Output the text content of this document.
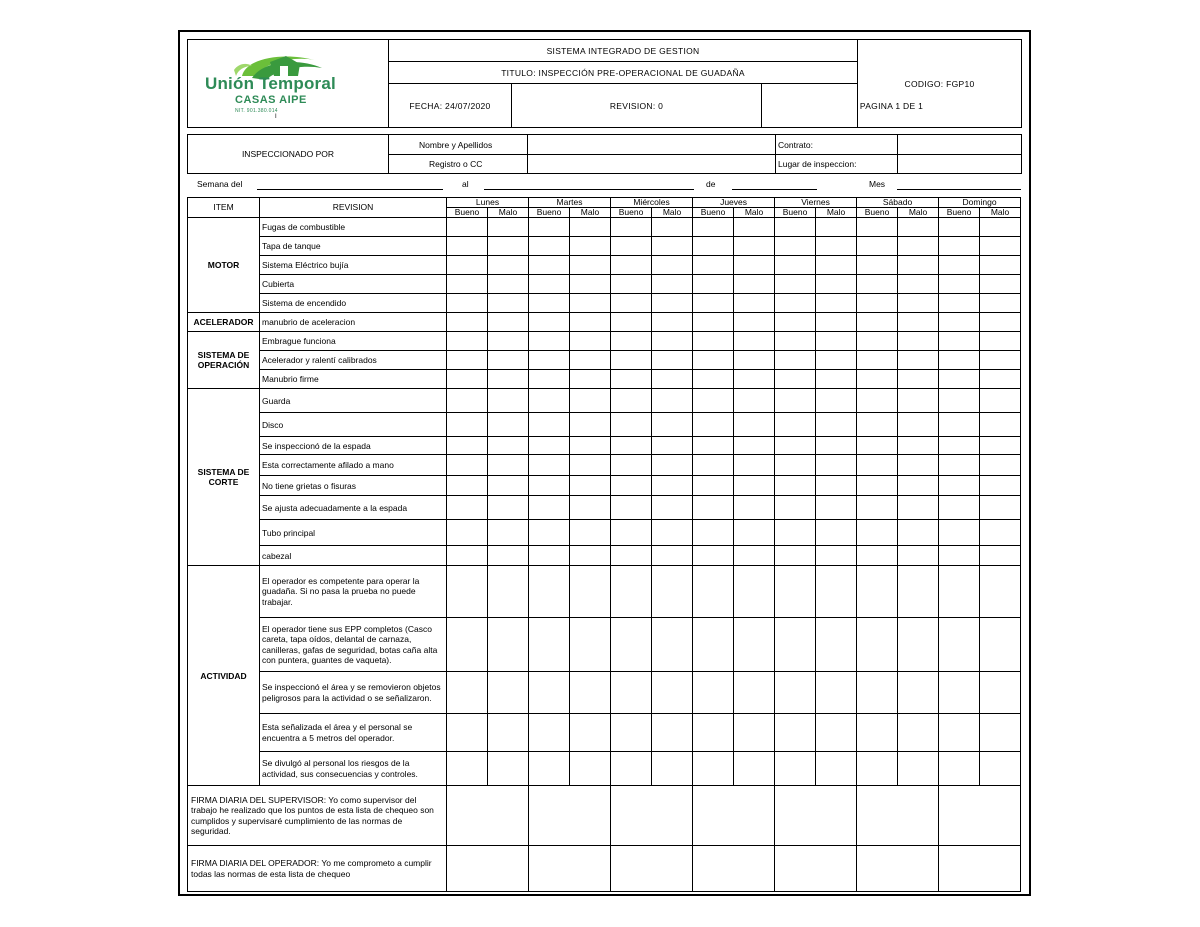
Unión Temporal
CASAS AIPE
NIT. 901.380.014
I	SISTEMA INTEGRADO DE GESTION			CODIGO: FGP10
	TITULO: INSPECCIÓN PRE-OPERACIONAL DE GUADAÑA			
	FECHA: 24/07/2020	REVISION: 0	PAGINA 1 DE 1	
INSPECCIONADO POR	Nombre y Apellidos		Contrato:	
	Registro o CC		Lugar de inspeccion:	
Semana del	al	de	Mes
ITEM	REVISION	Lunes		Martes		Miércoles		Jueves		Viernes		Sábado		Domingo	
		Bueno	Malo	Bueno	Malo	Bueno	Malo	Bueno	Malo	Bueno	Malo	Bueno	Malo	Bueno	Malo
MOTOR	Fugas de combustible														
	Tapa de tanque														
	Sistema Eléctrico bujía														
	Cubierta														
	Sistema de encendido														
ACELERADOR	manubrio de aceleracion														
SISTEMA DE OPERACIÓN	Embrague funciona														
	Acelerador y ralentí calibrados														
	Manubrio firme														
SISTEMA DE CORTE	Guarda														
	Disco														
	Se inspeccionó de la espada														
	Esta correctamente afilado a mano														
	No tiene grietas o fisuras														
	Se ajusta adecuadamente a la espada														
	Tubo principal														
	cabezal														
ACTIVIDAD	El operador es competente para operar la guadaña. Si no pasa la prueba no puede trabajar.														
	El operador tiene sus EPP completos (Casco careta, tapa oídos, delantal de carnaza, canilleras, gafas de seguridad, botas caña alta con puntera, guantes de vaqueta).														
	Se inspeccionó el área y se removieron objetos peligrosos para la actividad o se señalizaron.														
	Esta señalizada el área y el personal se encuentra a 5 metros del operador.														
	Se divulgó al personal los riesgos de la actividad, sus consecuencias y controles.														
FIRMA DIARIA DEL SUPERVISOR: Yo como supervisor del trabajo he realizado que los puntos de esta lista de chequeo son cumplidos y supervisaré cumplimiento de las normas de seguridad.															
FIRMA DIARIA DEL OPERADOR: Yo me comprometo a cumplir todas las normas de esta lista de chequeo															
